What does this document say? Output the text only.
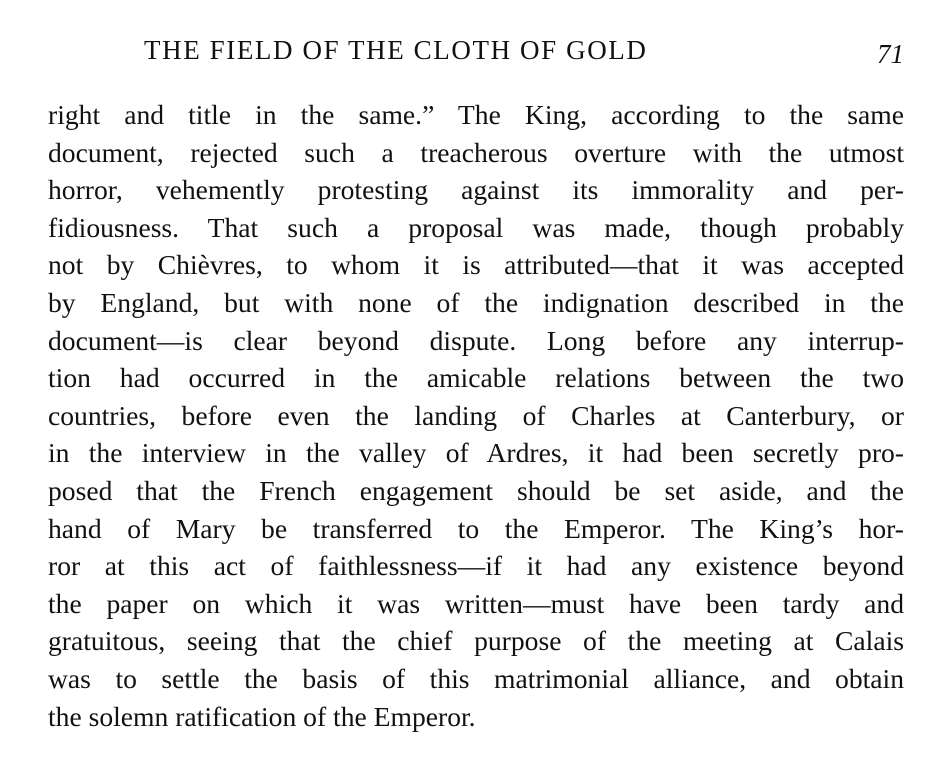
THE FIELD OF THE CLOTH OF GOLD	71
right and title in the same.” The King, according to the same
document, rejected such a treacherous overture with the utmost
horror, vehemently protesting against its immorality and per-
fidiousness. That such a proposal was made, though probably
not by Chièvres, to whom it is attributed—that it was accepted
by England, but with none of the indignation described in the
document—is clear beyond dispute. Long before any interrup-
tion had occurred in the amicable relations between the two
countries, before even the landing of Charles at Canterbury, or
in the interview in the valley of Ardres, it had been secretly pro-
posed that the French engagement should be set aside, and the
hand of Mary be transferred to the Emperor. The King’s hor-
ror at this act of faithlessness—if it had any existence beyond
the paper on which it was written—must have been tardy and
gratuitous, seeing that the chief purpose of the meeting at Calais
was to settle the basis of this matrimonial alliance, and obtain
the solemn ratification of the Emperor.
